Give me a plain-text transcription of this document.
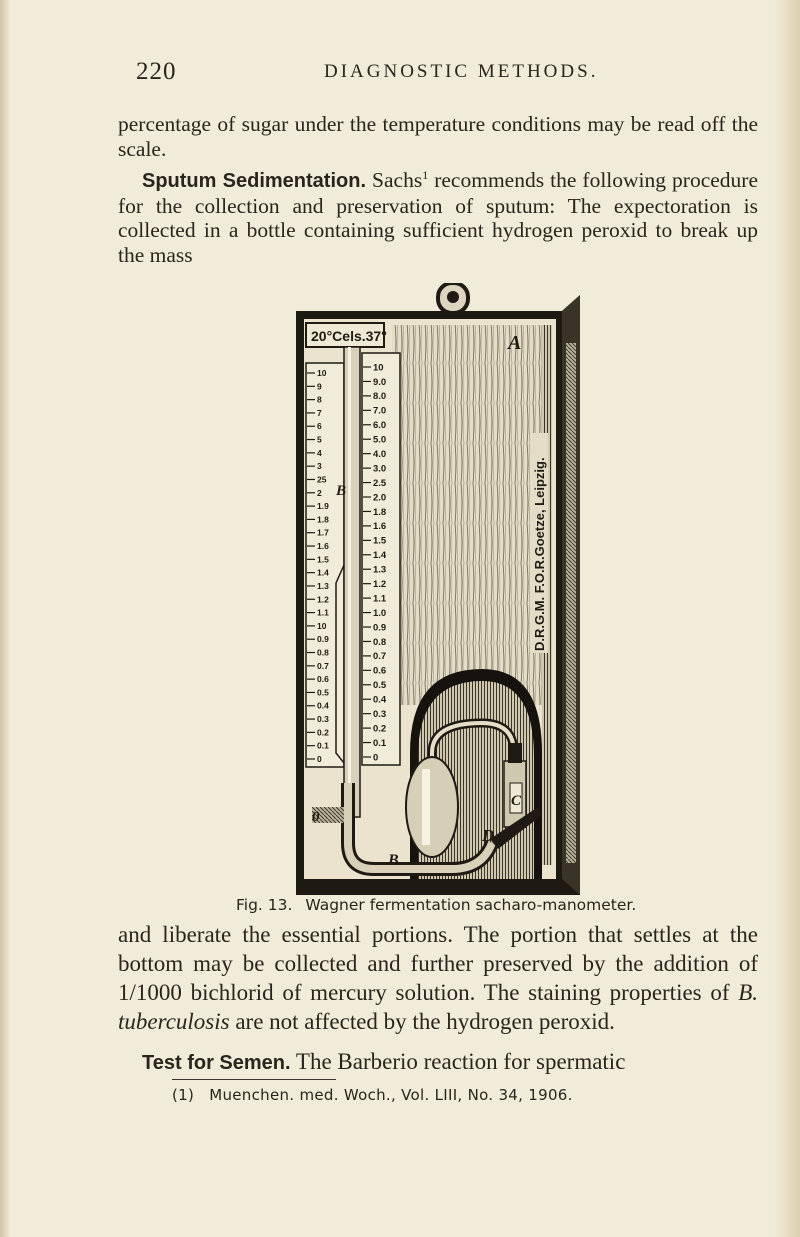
220	DIAGNOSTIC METHODS.

percentage of sugar under the temperature conditions may be read off the scale.

Sputum Sedimentation. Sachs$^1$ recommends the following procedure for the collection and preservation of sputum: The expectoration is collected in a bottle containing sufficient hydrogen peroxid to break up the mass

20°Cels.37°	A
10
9
8
7
6
5
4
3
25
2
1.9
1.8
1.7
1.6
1.5
1.4
1.3
1.2
1.1
10
0.9
0.8
0.7
0.6
0.5
0.4
0.3
0.2
0.1
0
B
10
9.0
8.0
7.0
6.0
5.0
4.0
3.0
2.5
2.0
1.8
1.6
1.5
1.4
1.3
1.2
1.1
1.0
0.9
0.8
0.7
0.6
0.5
0.4
0.3
0.2
0.1
0
D.R.G.M. F.O.R.Goetze, Leipzig.
C
0
B
D
Fig. 13. Wagner fermentation sacharo-manometer.

and liberate the essential portions. The portion that settles at the bottom may be collected and further preserved by the addition of 1/1000 bichlorid of mercury solution. The staining properties of B. tuberculosis are not affected by the hydrogen peroxid.

Test for Semen. The Barberio reaction for spermatic

(1) Muenchen. med. Woch., Vol. LIII, No. 34, 1906.
